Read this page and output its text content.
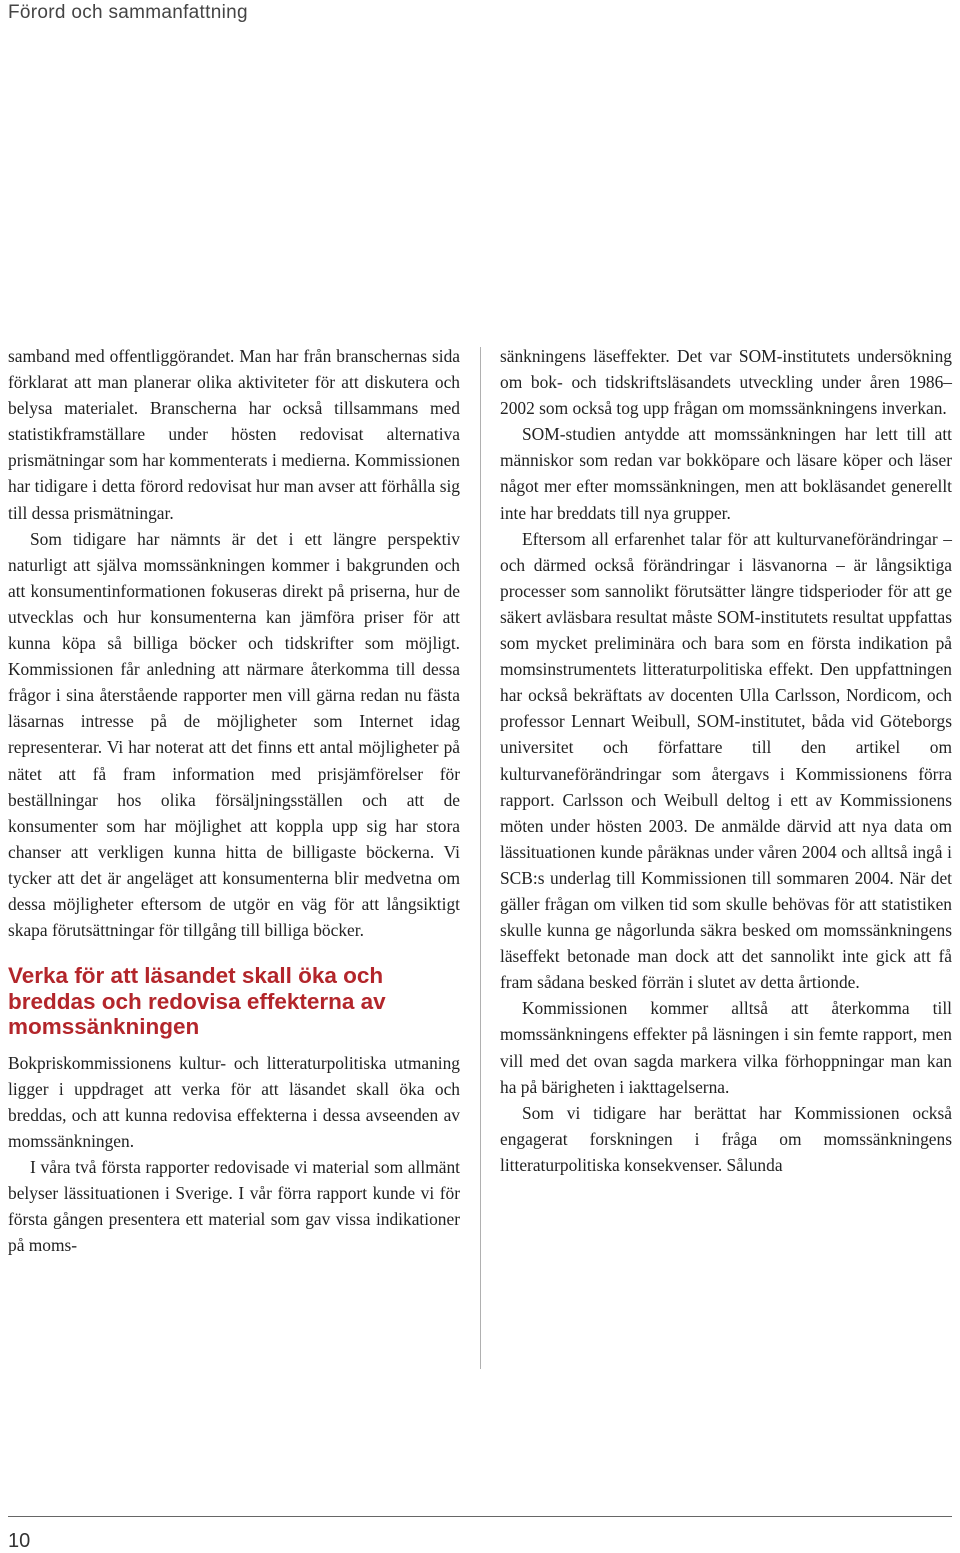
Förord och sammanfattning

samband med offentliggörandet. Man har från branschernas sida förklarat att man planerar olika aktiviteter för att diskutera och belysa materialet. Branscherna har också tillsammans med statistikframställare under hösten redovisat alternativa prismätningar som har kommenterats i medierna. Kommissionen har tidigare i detta förord redovisat hur man avser att förhålla sig till dessa prismätningar.

Som tidigare har nämnts är det i ett längre perspektiv naturligt att själva momssänkningen kommer i bakgrunden och att konsumentinformationen fokuseras direkt på priserna, hur de utvecklas och hur konsumenterna kan jämföra priser för att kunna köpa så billiga böcker och tidskrifter som möjligt. Kommissionen får anledning att närmare återkomma till dessa frågor i sina återstående rapporter men vill gärna redan nu fästa läsarnas intresse på de möjligheter som Internet idag representerar. Vi har noterat att det finns ett antal möjligheter på nätet att få fram information med prisjämförelser för beställningar hos olika försäljningsställen och att de konsumenter som har möjlighet att koppla upp sig har stora chanser att verkligen kunna hitta de billigaste böckerna. Vi tycker att det är angeläget att konsumenterna blir medvetna om dessa möjligheter eftersom de utgör en väg för att långsiktigt skapa förutsättningar för tillgång till billiga böcker.

Verka för att läsandet skall öka och breddas och redovisa effekterna av momssänkningen

Bokpriskommissionens kultur- och litteraturpolitiska utmaning ligger i uppdraget att verka för att läsandet skall öka och breddas, och att kunna redovisa effekterna i dessa avseenden av momssänkningen.

I våra två första rapporter redovisade vi material som allmänt belyser lässituationen i Sverige. I vår förra rapport kunde vi för första gången presentera ett material som gav vissa indikationer på moms-

sänkningens läseffekter. Det var SOM-institutets undersökning om bok- och tidskriftsläsandets utveckling under åren 1986–2002 som också tog upp frågan om momssänkningens inverkan.

SOM-studien antydde att momssänkningen har lett till att människor som redan var bokköpare och läsare köper och läser något mer efter momssänkningen, men att bokläsandet generellt inte har breddats till nya grupper.

Eftersom all erfarenhet talar för att kulturvaneförändringar – och därmed också förändringar i läsvanorna – är långsiktiga processer som sannolikt förutsätter längre tidsperioder för att ge säkert avläsbara resultat måste SOM-institutets resultat uppfattas som mycket preliminära och bara som en första indikation på momsinstrumentets litteraturpolitiska effekt. Den uppfattningen har också bekräftats av docenten Ulla Carlsson, Nordicom, och professor Lennart Weibull, SOM-institutet, båda vid Göteborgs universitet och författare till den artikel om kulturvaneförändringar som återgavs i Kommissionens förra rapport. Carlsson och Weibull deltog i ett av Kommissionens möten under hösten 2003. De anmälde därvid att nya data om lässituationen kunde påräknas under våren 2004 och alltså ingå i SCB:s underlag till Kommissionen till sommaren 2004. När det gäller frågan om vilken tid som skulle behövas för att statistiken skulle kunna ge någorlunda säkra besked om momssänkningens läseffekt betonade man dock att det sannolikt inte gick att få fram sådana besked förrän i slutet av detta årtionde.

Kommissionen kommer alltså att återkomma till momssänkningens effekter på läsningen i sin femte rapport, men vill med det ovan sagda markera vilka förhoppningar man kan ha på bärigheten i iakttagelserna.

Som vi tidigare har berättat har Kommissionen också engagerat forskningen i fråga om momssänkningens litteraturpolitiska konsekvenser. Sålunda

10
